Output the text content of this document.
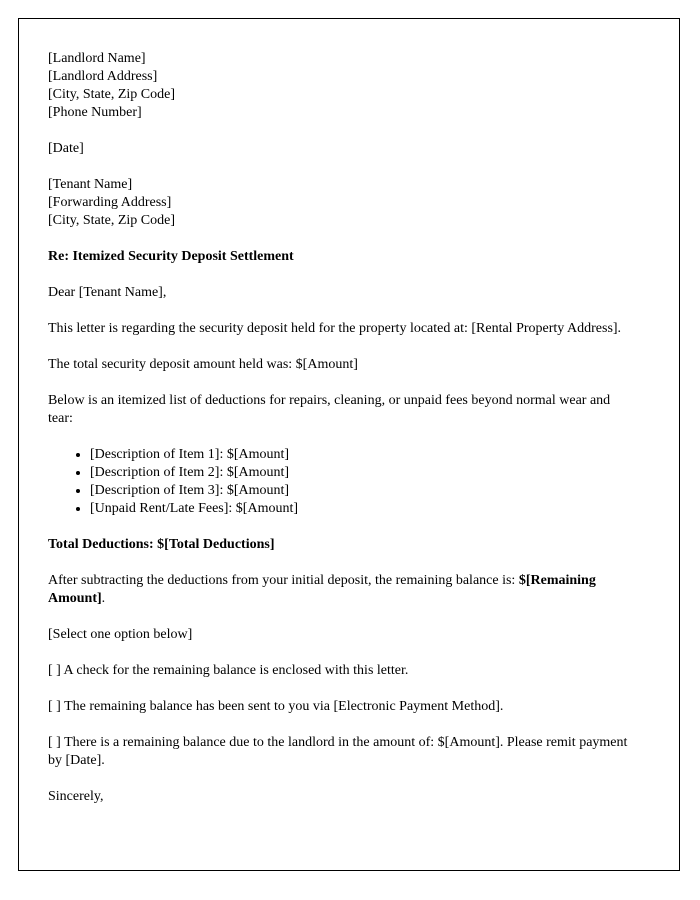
[Landlord Name]
[Landlord Address]
[City, State, Zip Code]
[Phone Number]

[Date]

[Tenant Name]
[Forwarding Address]
[City, State, Zip Code]

Re: Itemized Security Deposit Settlement

Dear [Tenant Name],

This letter is regarding the security deposit held for the property located at: [Rental Property Address].

The total security deposit amount held was: $[Amount]

Below is an itemized list of deductions for repairs, cleaning, or unpaid fees beyond normal wear and tear:

• [Description of Item 1]: $[Amount]
• [Description of Item 2]: $[Amount]
• [Description of Item 3]: $[Amount]
• [Unpaid Rent/Late Fees]: $[Amount]

Total Deductions: $[Total Deductions]

After subtracting the deductions from your initial deposit, the remaining balance is: $[Remaining Amount].

[Select one option below]

[ ] A check for the remaining balance is enclosed with this letter.

[ ] The remaining balance has been sent to you via [Electronic Payment Method].

[ ] There is a remaining balance due to the landlord in the amount of: $[Amount]. Please remit payment by [Date].

Sincerely,
